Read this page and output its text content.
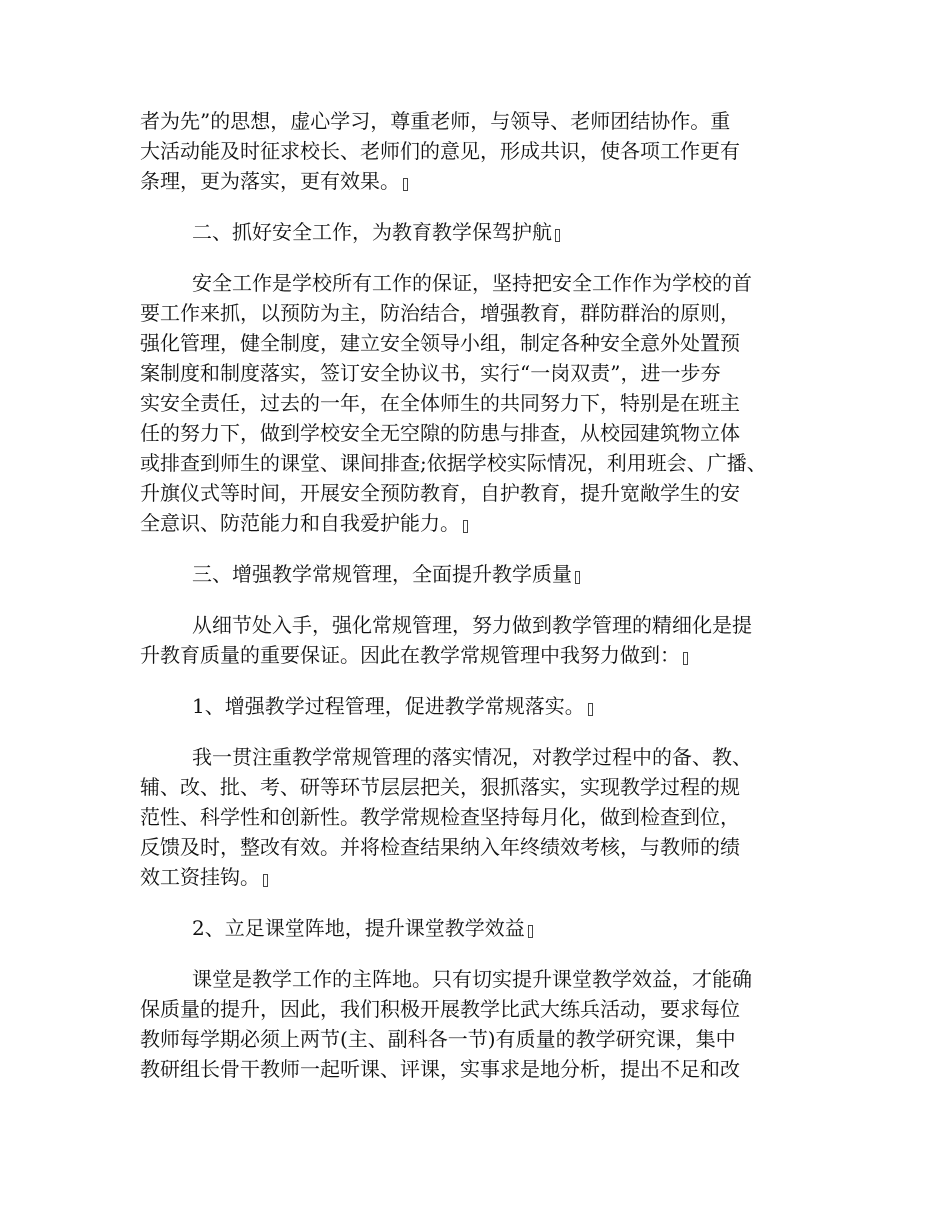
者为先”的思想，虚心学习，尊重老师，与领导、老师团结协作。重
大活动能及时征求校长、老师们的意见，形成共识，使各项工作更有
条理，更为落实，更有效果。
二、抓好安全工作，为教育教学保驾护航
安全工作是学校所有工作的保证，坚持把安全工作作为学校的首
要工作来抓，以预防为主，防治结合，增强教育，群防群治的原则，
强化管理，健全制度，建立安全领导小组，制定各种安全意外处置预
案制度和制度落实，签订安全协议书，实行“一岗双责”，进一步夯
实安全责任，过去的一年，在全体师生的共同努力下，特别是在班主
任的努力下，做到学校安全无空隙的防患与排查，从校园建筑物立体
或排查到师生的课堂、课间排查;依据学校实际情况，利用班会、广播、
升旗仪式等时间，开展安全预防教育，自护教育，提升宽敞学生的安
全意识、防范能力和自我爱护能力。
三、增强教学常规管理，全面提升教学质量
从细节处入手，强化常规管理，努力做到教学管理的精细化是提
升教育质量的重要保证。因此在教学常规管理中我努力做到：
1、增强教学过程管理，促进教学常规落实。
我一贯注重教学常规管理的落实情况，对教学过程中的备、教、
辅、改、批、考、研等环节层层把关，狠抓落实，实现教学过程的规
范性、科学性和创新性。教学常规检查坚持每月化，做到检查到位，
反馈及时，整改有效。并将检查结果纳入年终绩效考核，与教师的绩
效工资挂钩。
2、立足课堂阵地，提升课堂教学效益
课堂是教学工作的主阵地。只有切实提升课堂教学效益，才能确
保质量的提升，因此，我们积极开展教学比武大练兵活动，要求每位
教师每学期必须上两节(主、副科各一节)有质量的教学研究课，集中
教研组长骨干教师一起听课、评课，实事求是地分析，提出不足和改
